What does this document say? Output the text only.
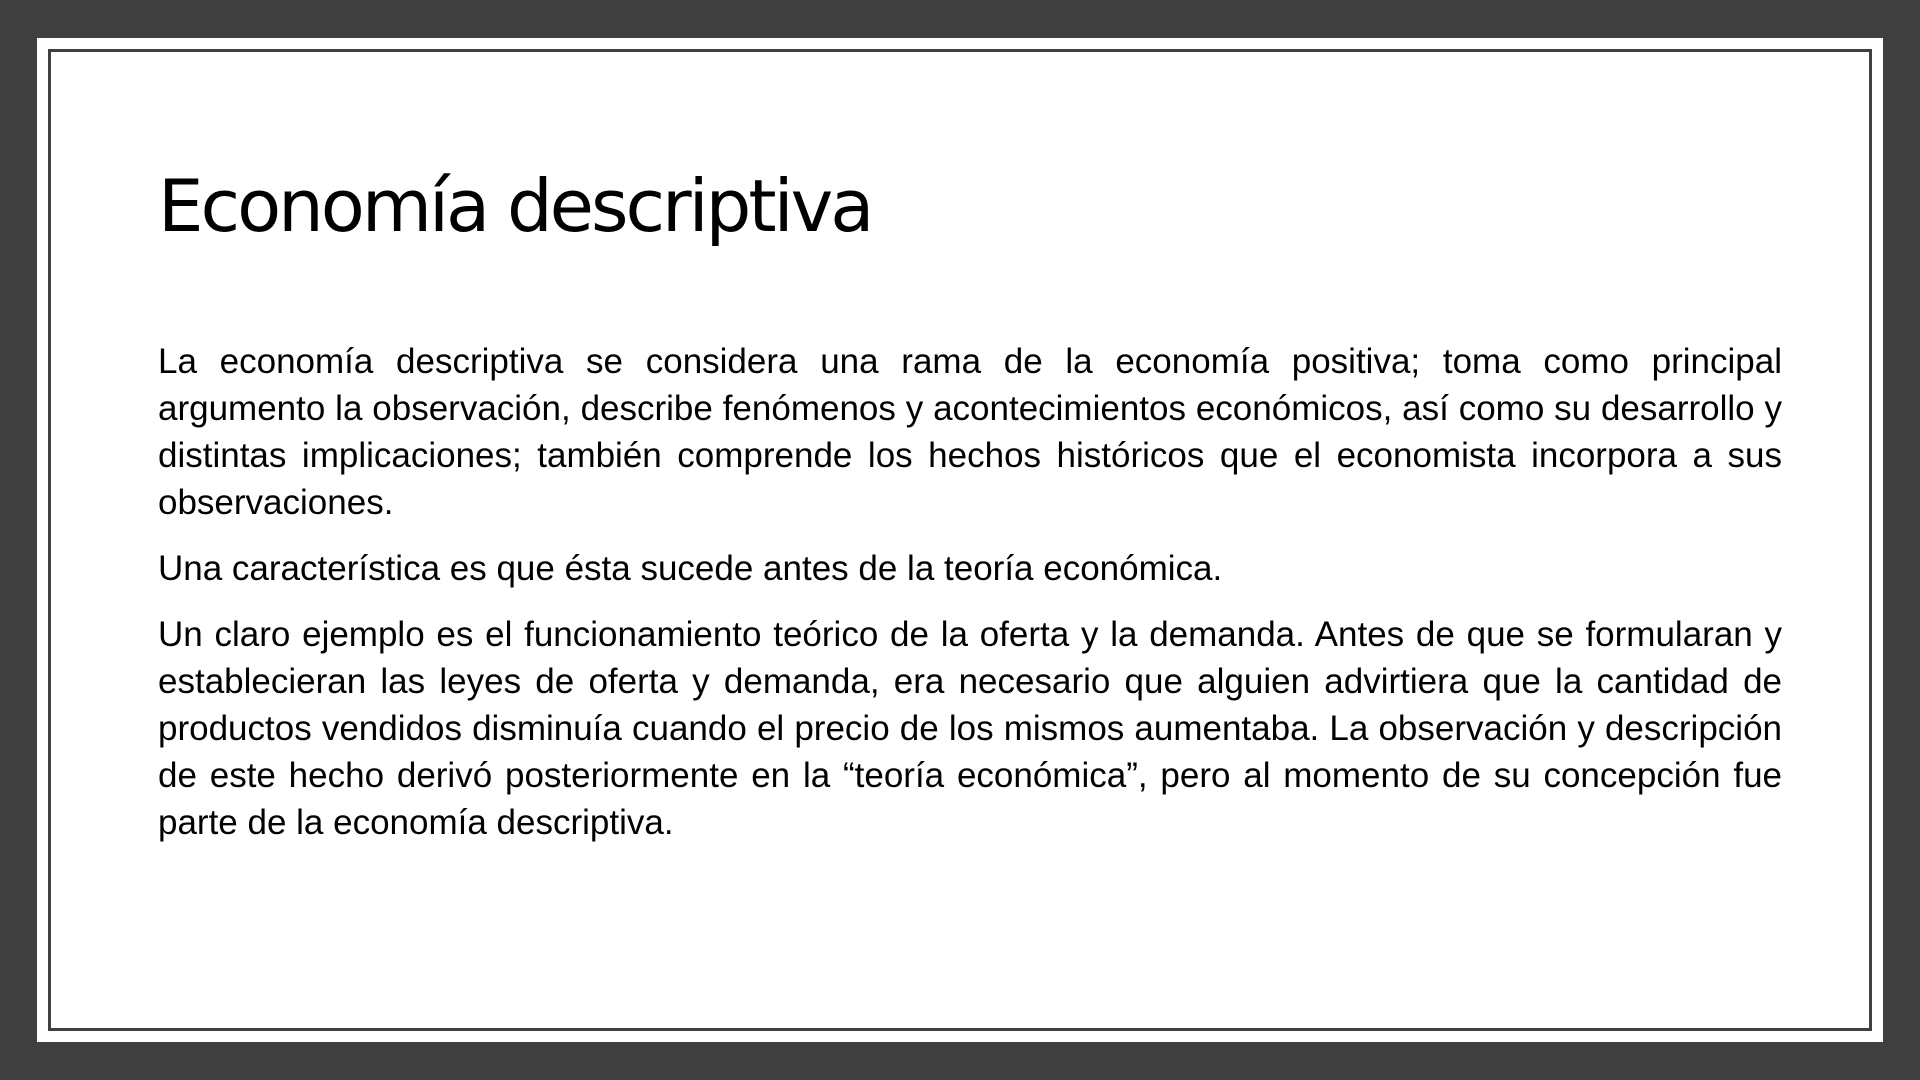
Economía descriptiva

La economía descriptiva se considera una rama de la economía positiva; toma como principal argumento la observación, describe fenómenos y acontecimientos económicos, así como su desarrollo y distintas implicaciones; también comprende los hechos históricos que el economista incorpora a sus observaciones.

Una característica es que ésta sucede antes de la teoría económica.

Un claro ejemplo es el funcionamiento teórico de la oferta y la demanda. Antes de que se formularan y establecieran las leyes de oferta y demanda, era necesario que alguien advirtiera que la cantidad de productos vendidos disminuía cuando el precio de los mismos aumentaba. La observación y descripción de este hecho derivó posteriormente en la “teoría económica”, pero al momento de su concepción fue parte de la economía descriptiva.
